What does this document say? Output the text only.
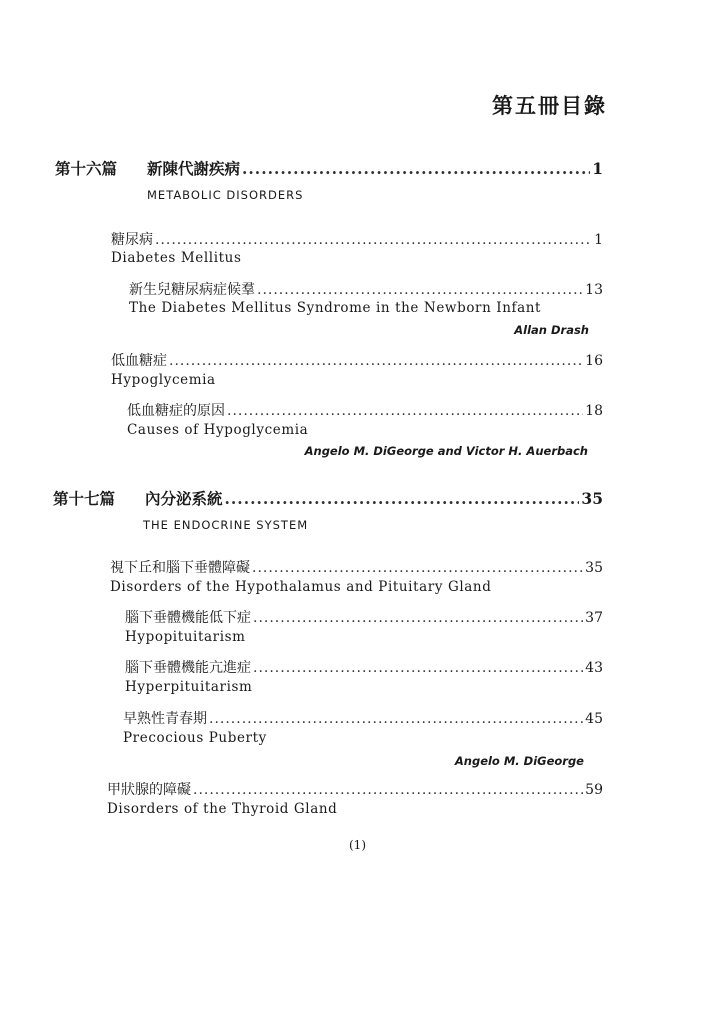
第五冊目錄
第十六篇 新陳代謝疾病 .....	1
METABOLIC DISORDERS
糖尿病 .....	1
Diabetes Mellitus
新生兒糖尿病症候羣 .....	13
The Diabetes Mellitus Syndrome in the Newborn Infant
Allan Drash
低血糖症 .....	16
Hypoglycemia
低血糖症的原因 .....	18
Causes of Hypoglycemia
Angelo M. DiGeorge and Victor H. Auerbach
第十七篇 內分泌系統 .....	35
THE ENDOCRINE SYSTEM
視下丘和腦下垂體障礙 .....	35
Disorders of the Hypothalamus and Pituitary Gland
腦下垂體機能低下症 .....	37
Hypopituitarism
腦下垂體機能亢進症 .....	43
Hyperpituitarism
早熟性青春期 .....	45
Precocious Puberty
Angelo M. DiGeorge
甲狀腺的障礙 .....	59
Disorders of the Thyroid Gland
(1)
